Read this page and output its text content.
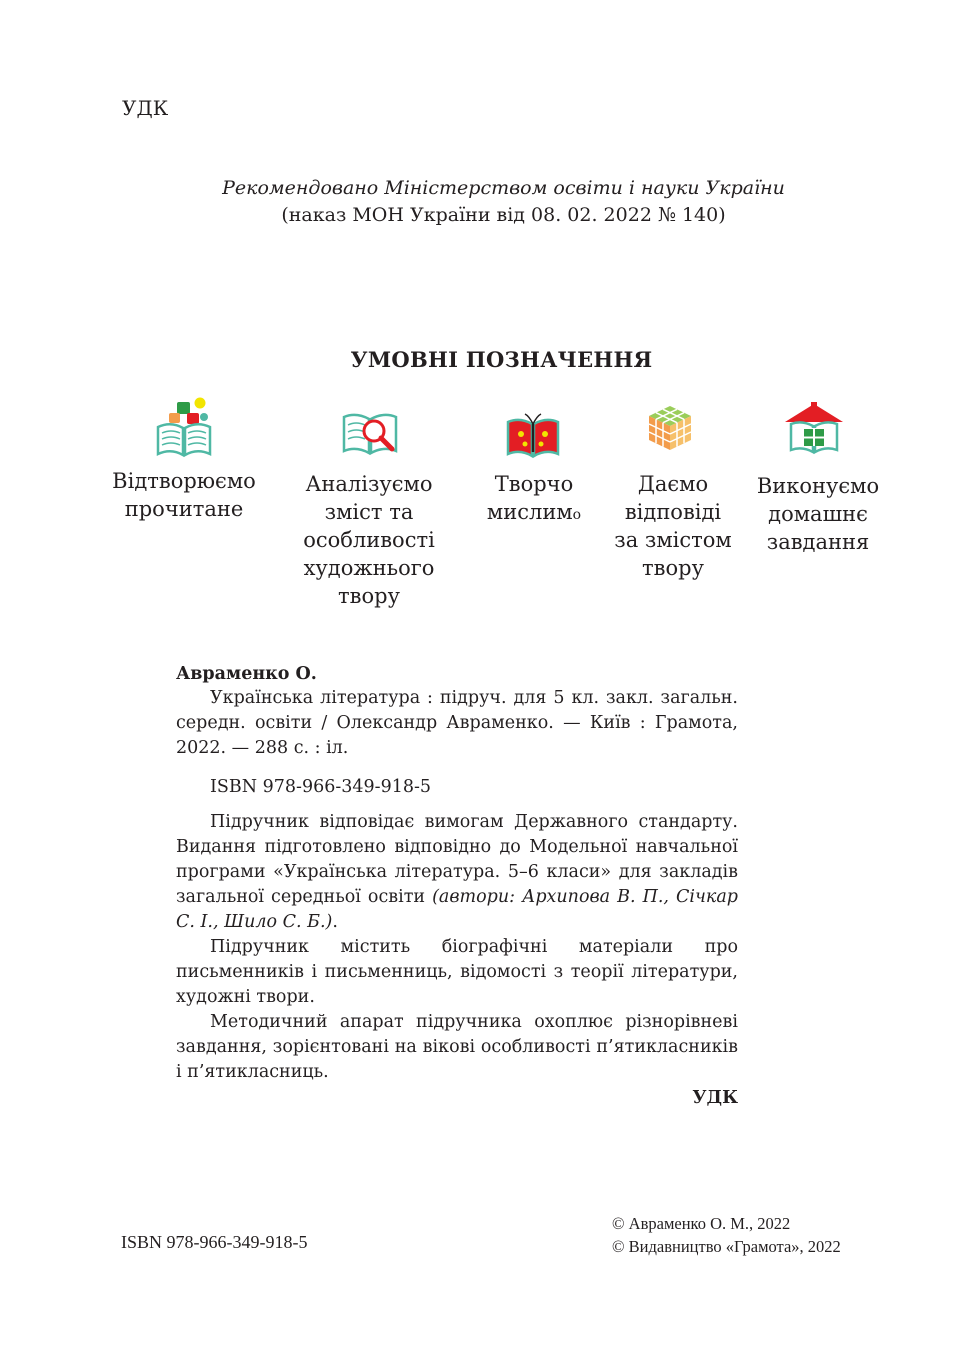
УДК
Рекомендовано Міністерством освіти і науки України
(наказ МОН України від 08. 02. 2022 № 140)
УМОВНІ ПОЗНАЧЕННЯ
Відтворюємо
прочитане
Аналізуємо
зміст та
особливості
художнього
твору
Творчо
мислимо
Даємо
відповіді
за змістом
твору
Виконуємо
домашнє
завдання
Авраменко О.

Українська література : підруч. для 5 кл. закл. загальн. середн. освіти / Олександр Авраменко. — Київ : Грамота, 2022. — 288 с. : іл.

ISBN 978-966-349-918-5

Підручник відповідає вимогам Державного стандарту. Видання підготовлено відповідно до Модельної навчальної програми «Українська література. 5–6 класи» для закладів загальної середньої освіти (автори: Архипова В. П., Січкар С. І., Шило С. Б.).

Підручник містить біографічні матеріали про письменників і письменниць, відомості з теорії літератури, художні твори.

Методичний апарат підручника охоплює різнорівневі завдання, зорієнтовані на вікові особливості п’ятикласників і п’ятикласниць.

УДК
ISBN 978-966-349-918-5
© Авраменко О. М., 2022
© Видавництво «Грамота», 2022
